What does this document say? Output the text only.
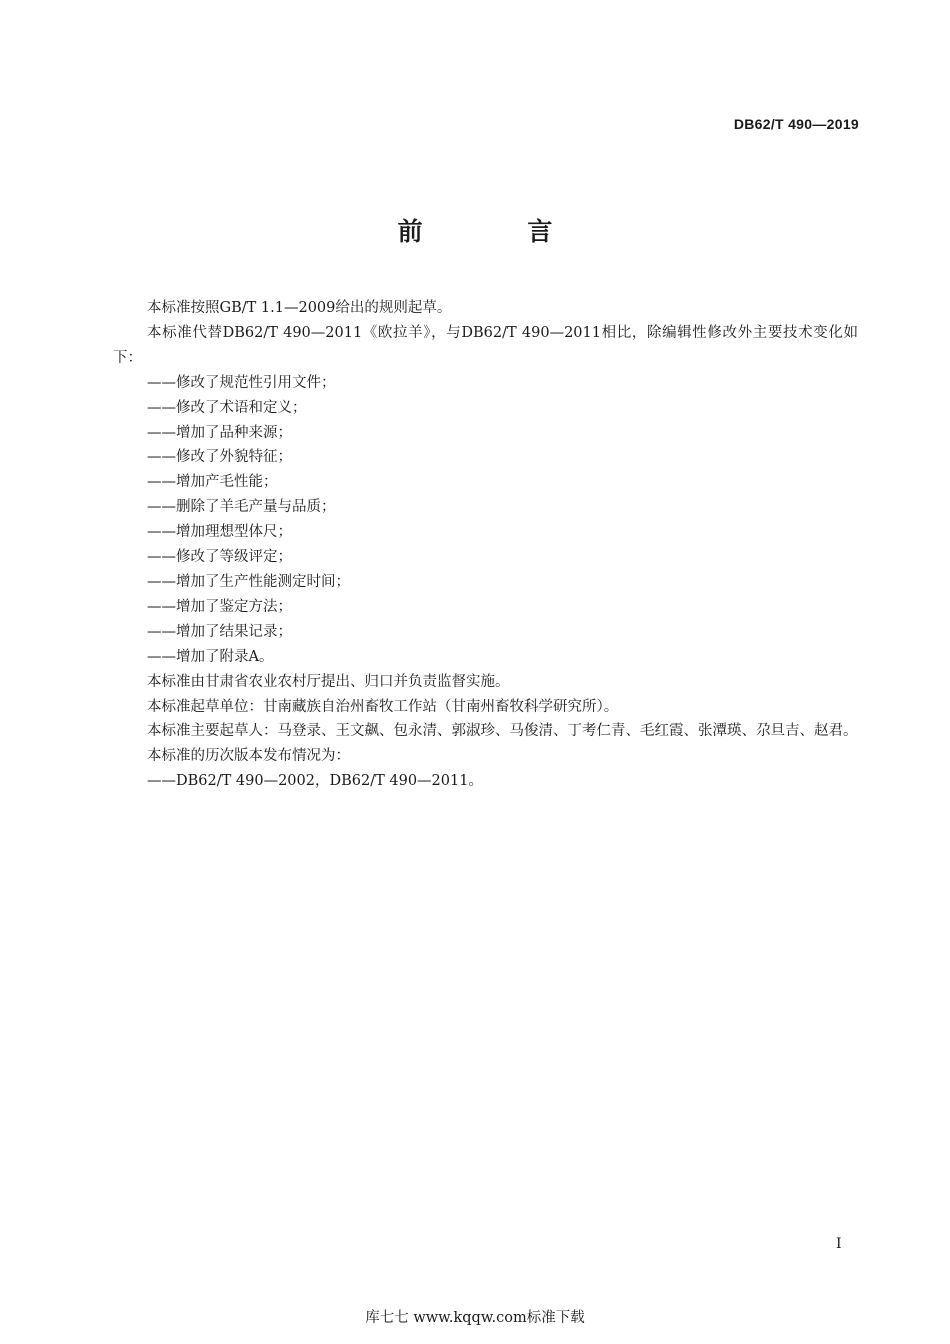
DB62/T 490—2019
前 言

本标准按照GB/T 1.1—2009给出的规则起草。

本标准代替DB62/T 490—2011《欧拉羊》，与DB62/T 490—2011相比，除编辑性修改外主要技术变化如下：

——修改了规范性引用文件；

——修改了术语和定义；

——增加了品种来源；

——修改了外貌特征；

——增加产毛性能；

——删除了羊毛产量与品质；

——增加理想型体尺；

——修改了等级评定；

——增加了生产性能测定时间；

——增加了鉴定方法；

——增加了结果记录；

——增加了附录A。

本标准由甘肃省农业农村厅提出、归口并负责监督实施。

本标准起草单位：甘南藏族自治州畜牧工作站（甘南州畜牧科学研究所）。

本标准主要起草人：马登录、王文飙、包永清、郭淑珍、马俊清、丁考仁青、毛红霞、张潭瑛、尕旦吉、赵君。

本标准的历次版本发布情况为：

——DB62/T 490—2002，DB62/T 490—2011。

I
库七七 www.kqqw.com标准下载
